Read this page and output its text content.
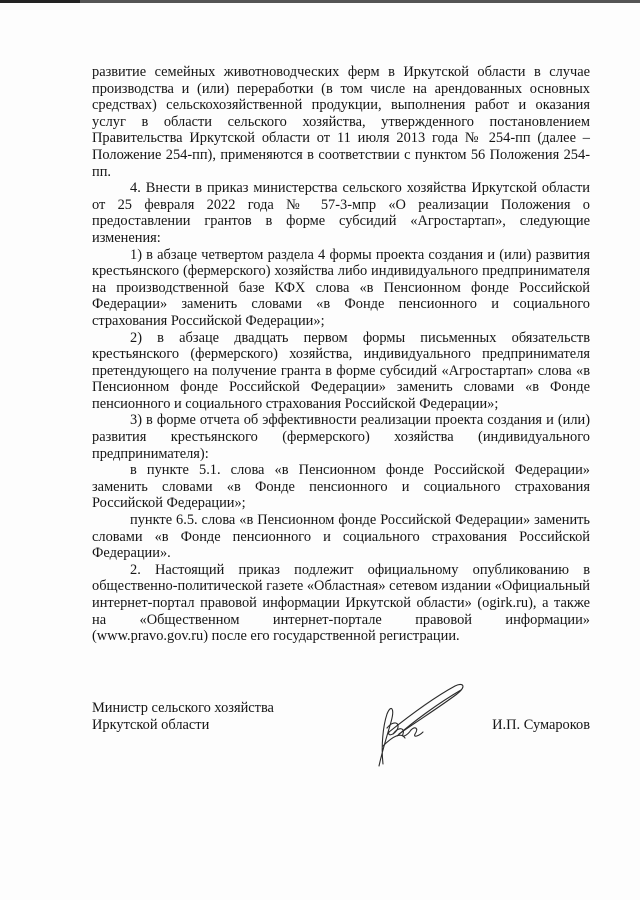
развитие семейных животноводческих ферм в Иркутской области в случае производства и (или) переработки (в том числе на арендованных основных средствах) сельскохозяйственной продукции, выполнения работ и оказания услуг в области сельского хозяйства, утвержденного постановлением Правительства Иркутской области от 11 июля 2013 года № 254-пп (далее – Положение 254-пп), применяются в соответствии с пунктом 56 Положения 254-пп.

4. Внести в приказ министерства сельского хозяйства Иркутской области от 25 февраля 2022 года № 57-3-мпр «О реализации Положения о предоставлении грантов в форме субсидий «Агростартап», следующие изменения:

1) в абзаце четвертом раздела 4 формы проекта создания и (или) развития крестьянского (фермерского) хозяйства либо индивидуального предпринимателя на производственной базе КФХ слова «в Пенсионном фонде Российской Федерации» заменить словами «в Фонде пенсионного и социального страхования Российской Федерации»;

2) в абзаце двадцать первом формы письменных обязательств крестьянского (фермерского) хозяйства, индивидуального предпринимателя претендующего на получение гранта в форме субсидий «Агростартап» слова «в Пенсионном фонде Российской Федерации» заменить словами «в Фонде пенсионного и социального страхования Российской Федерации»;

3) в форме отчета об эффективности реализации проекта создания и (или) развития крестьянского (фермерского) хозяйства (индивидуального предпринимателя):

в пункте 5.1. слова «в Пенсионном фонде Российской Федерации» заменить словами «в Фонде пенсионного и социального страхования Российской Федерации»;

пункте 6.5. слова «в Пенсионном фонде Российской Федерации» заменить словами «в Фонде пенсионного и социального страхования Российской Федерации».

2. Настоящий приказ подлежит официальному опубликованию в общественно-политической газете «Областная» сетевом издании «Официальный интернет-портал правовой информации Иркутской области» (ogirk.ru), а также на «Общественном интернет-портале правовой информации» (www.pravo.gov.ru) после его государственной регистрации.

Министр сельского хозяйства
Иркутской области	И.П. Сумароков
